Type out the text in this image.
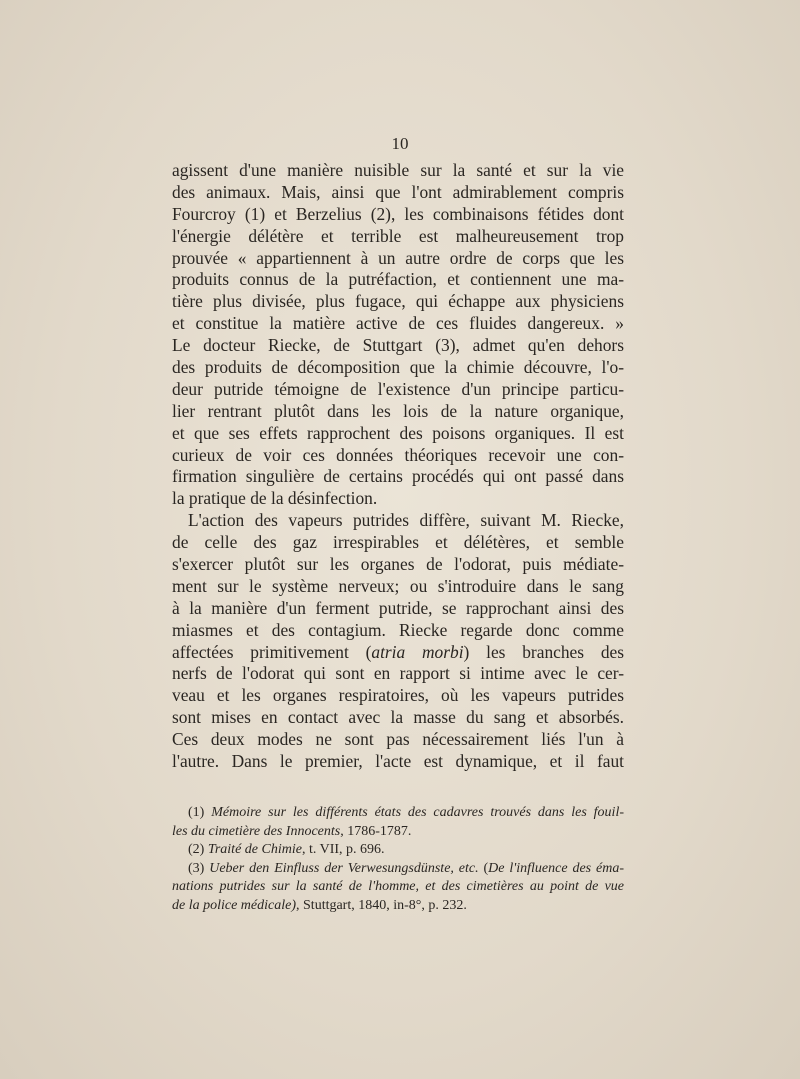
10
agissent d'une manière nuisible sur la santé et sur la vie
des animaux. Mais, ainsi que l'ont admirablement compris
Fourcroy (1) et Berzelius (2), les combinaisons fétides dont
l'énergie délétère et terrible est malheureusement trop
prouvée « appartiennent à un autre ordre de corps que les
produits connus de la putréfaction, et contiennent une ma-
tière plus divisée, plus fugace, qui échappe aux physiciens
et constitue la matière active de ces fluides dangereux. »
Le docteur Riecke, de Stuttgart (3), admet qu'en dehors
des produits de décomposition que la chimie découvre, l'o-
deur putride témoigne de l'existence d'un principe particu-
lier rentrant plutôt dans les lois de la nature organique,
et que ses effets rapprochent des poisons organiques. Il est
curieux de voir ces données théoriques recevoir une con-
firmation singulière de certains procédés qui ont passé dans
la pratique de la désinfection.
L'action des vapeurs putrides diffère, suivant M. Riecke,
de celle des gaz irrespirables et délétères, et semble
s'exercer plutôt sur les organes de l'odorat, puis médiate-
ment sur le système nerveux; ou s'introduire dans le sang
à la manière d'un ferment putride, se rapprochant ainsi des
miasmes et des contagium. Riecke regarde donc comme
affectées primitivement (atria morbi) les branches des
nerfs de l'odorat qui sont en rapport si intime avec le cer-
veau et les organes respiratoires, où les vapeurs putrides
sont mises en contact avec la masse du sang et absorbés.
Ces deux modes ne sont pas nécessairement liés l'un à
l'autre. Dans le premier, l'acte est dynamique, et il faut
(1) Mémoire sur les différents états des cadavres trouvés dans les fouil-
les du cimetière des Innocents, 1786-1787.
(2) Traité de Chimie, t. VII, p. 696.
(3) Ueber den Einfluss der Verwesungsdünste, etc. (De l'influence des éma-
nations putrides sur la santé de l'homme, et des cimetières au point de vue
de la police médicale), Stuttgart, 1840, in-8°, p. 232.
